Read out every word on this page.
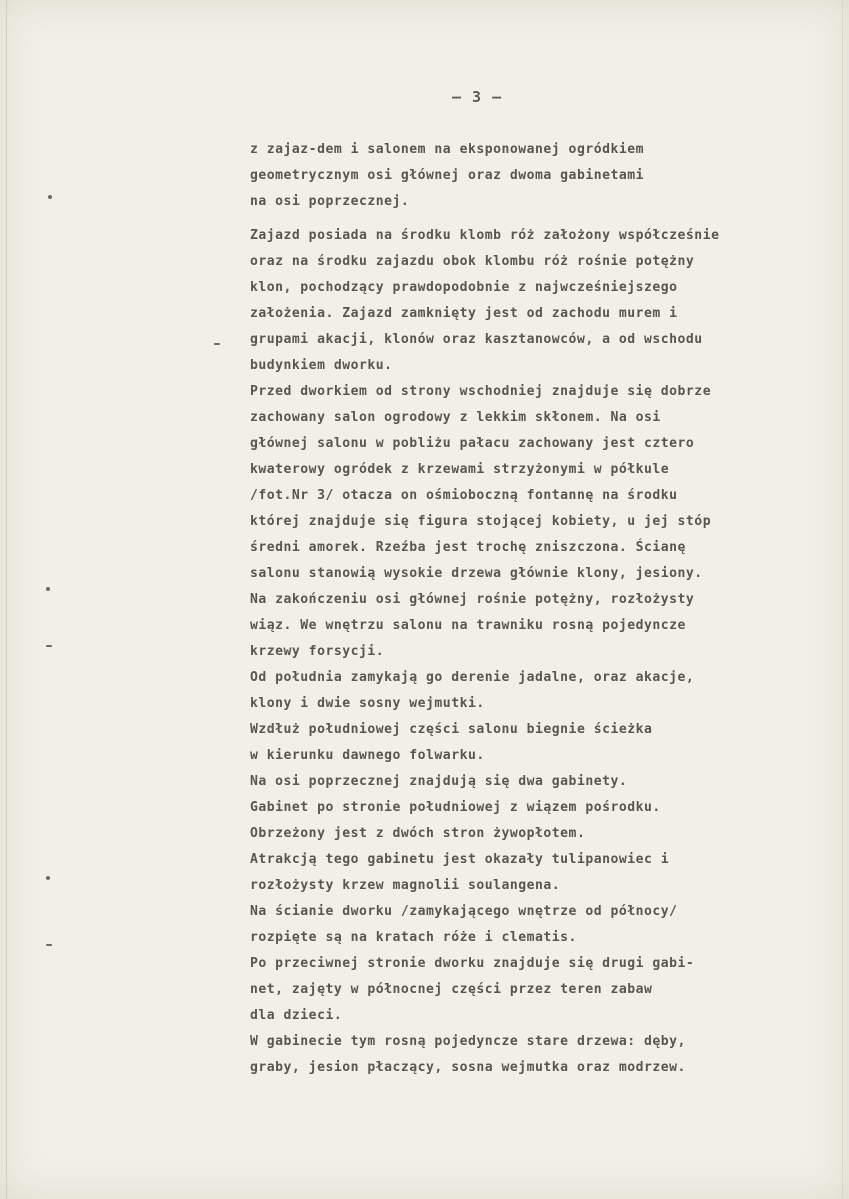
— 3 —
z zajaz-dem i salonem na eksponowanej ogródkiem
geometrycznym osi głównej oraz dwoma gabinetami
na osi poprzecznej.
Zajazd posiada na środku klomb róż założony współcześnie
oraz na środku zajazdu obok klombu róż rośnie potężny
klon, pochodzący prawdopodobnie z najwcześniejszego
założenia. Zajazd zamknięty jest od zachodu murem i
grupami akacji, klonów oraz kasztanowców, a od wschodu
budynkiem dworku.
Przed dworkiem od strony wschodniej znajduje się dobrze
zachowany salon ogrodowy z lekkim skłonem. Na osi
głównej salonu w pobliżu pałacu zachowany jest cztero
kwaterowy ogródek z krzewami strzyżonymi w półkule
/fot.Nr 3/ otacza on ośmioboczną fontannę na środku
której znajduje się figura stojącej kobiety, u jej stóp
średni amorek. Rzeźba jest trochę zniszczona. Ścianę
salonu stanowią wysokie drzewa głównie klony, jesiony.
Na zakończeniu osi głównej rośnie potężny, rozłożysty
wiąz. We wnętrzu salonu na trawniku rosną pojedyncze
krzewy forsycji.
Od południa zamykają go derenie jadalne, oraz akacje,
klony i dwie sosny wejmutki.
Wzdłuż południowej części salonu biegnie ścieżka
w kierunku dawnego folwarku.
Na osi poprzecznej znajdują się dwa gabinety.
Gabinet po stronie południowej z wiązem pośrodku.
Obrzeżony jest z dwóch stron żywopłotem.
Atrakcją tego gabinetu jest okazały tulipanowiec i
rozłożysty krzew magnolii soulangena.
Na ścianie dworku /zamykającego wnętrze od północy/
rozpięte są na kratach róże i clematis.
Po przeciwnej stronie dworku znajduje się drugi gabi-
net, zajęty w północnej części przez teren zabaw
dla dzieci.
W gabinecie tym rosną pojedyncze stare drzewa: dęby,
graby, jesion płaczący, sosna wejmutka oraz modrzew.
